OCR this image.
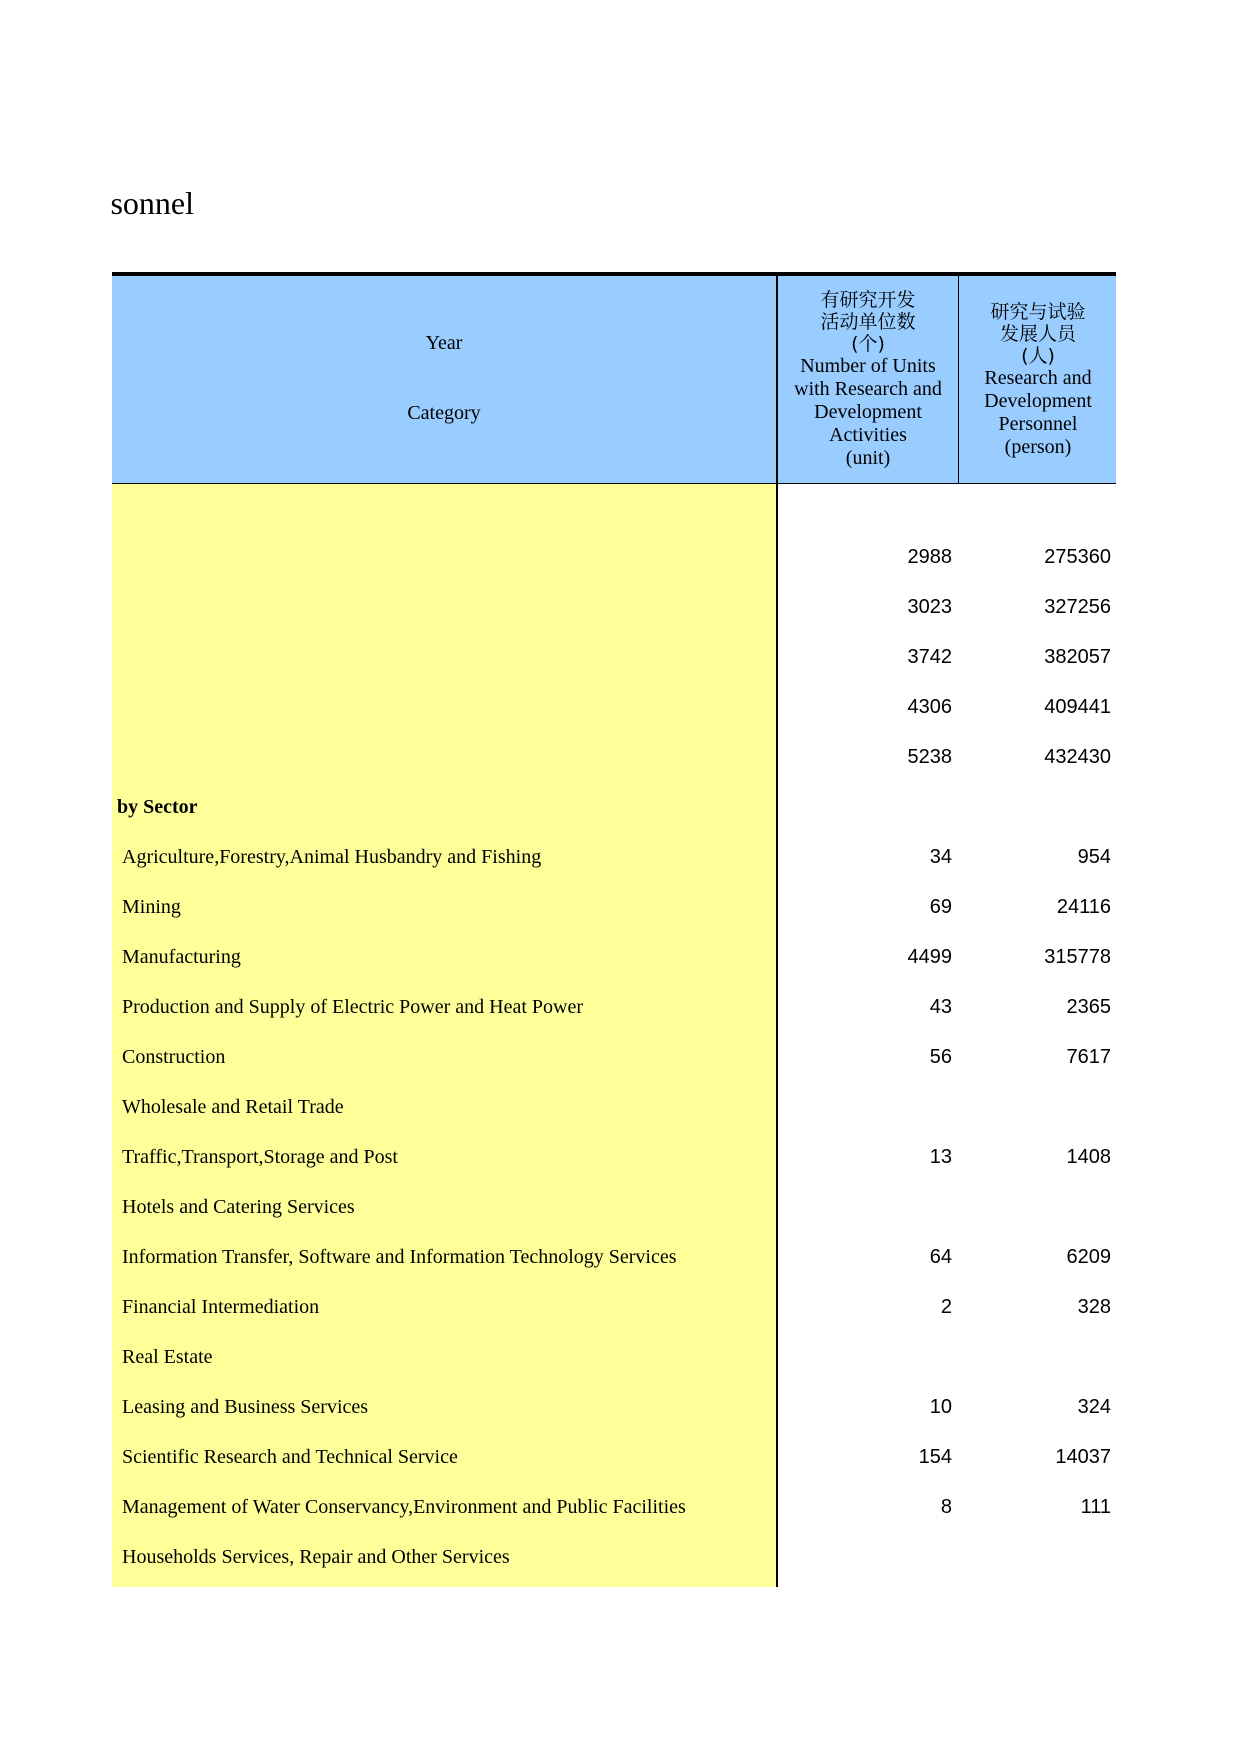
sonnel
Year
Category
有研究开发
活动单位数
(个)
Number of Units
with Research and
Development
Activities
(unit)
研究与试验
发展人员
(人)
Research and
Development
Personnel
(person)
2988	275360
3023	327256
3742	382057
4306	409441
5238	432430
by Sector
Agriculture,Forestry,Animal Husbandry and Fishing	34	954
Mining	69	24116
Manufacturing	4499	315778
Production and Supply of Electric Power and Heat Power	43	2365
Construction	56	7617
Wholesale and Retail Trade
Traffic,Transport,Storage and Post	13	1408
Hotels and Catering Services
Information Transfer, Software and Information Technology Services	64	6209
Financial Intermediation	2	328
Real Estate
Leasing and Business Services	10	324
Scientific Research and Technical Service	154	14037
Management of Water Conservancy,Environment and Public Facilities	8	111
Households Services, Repair and Other Services
